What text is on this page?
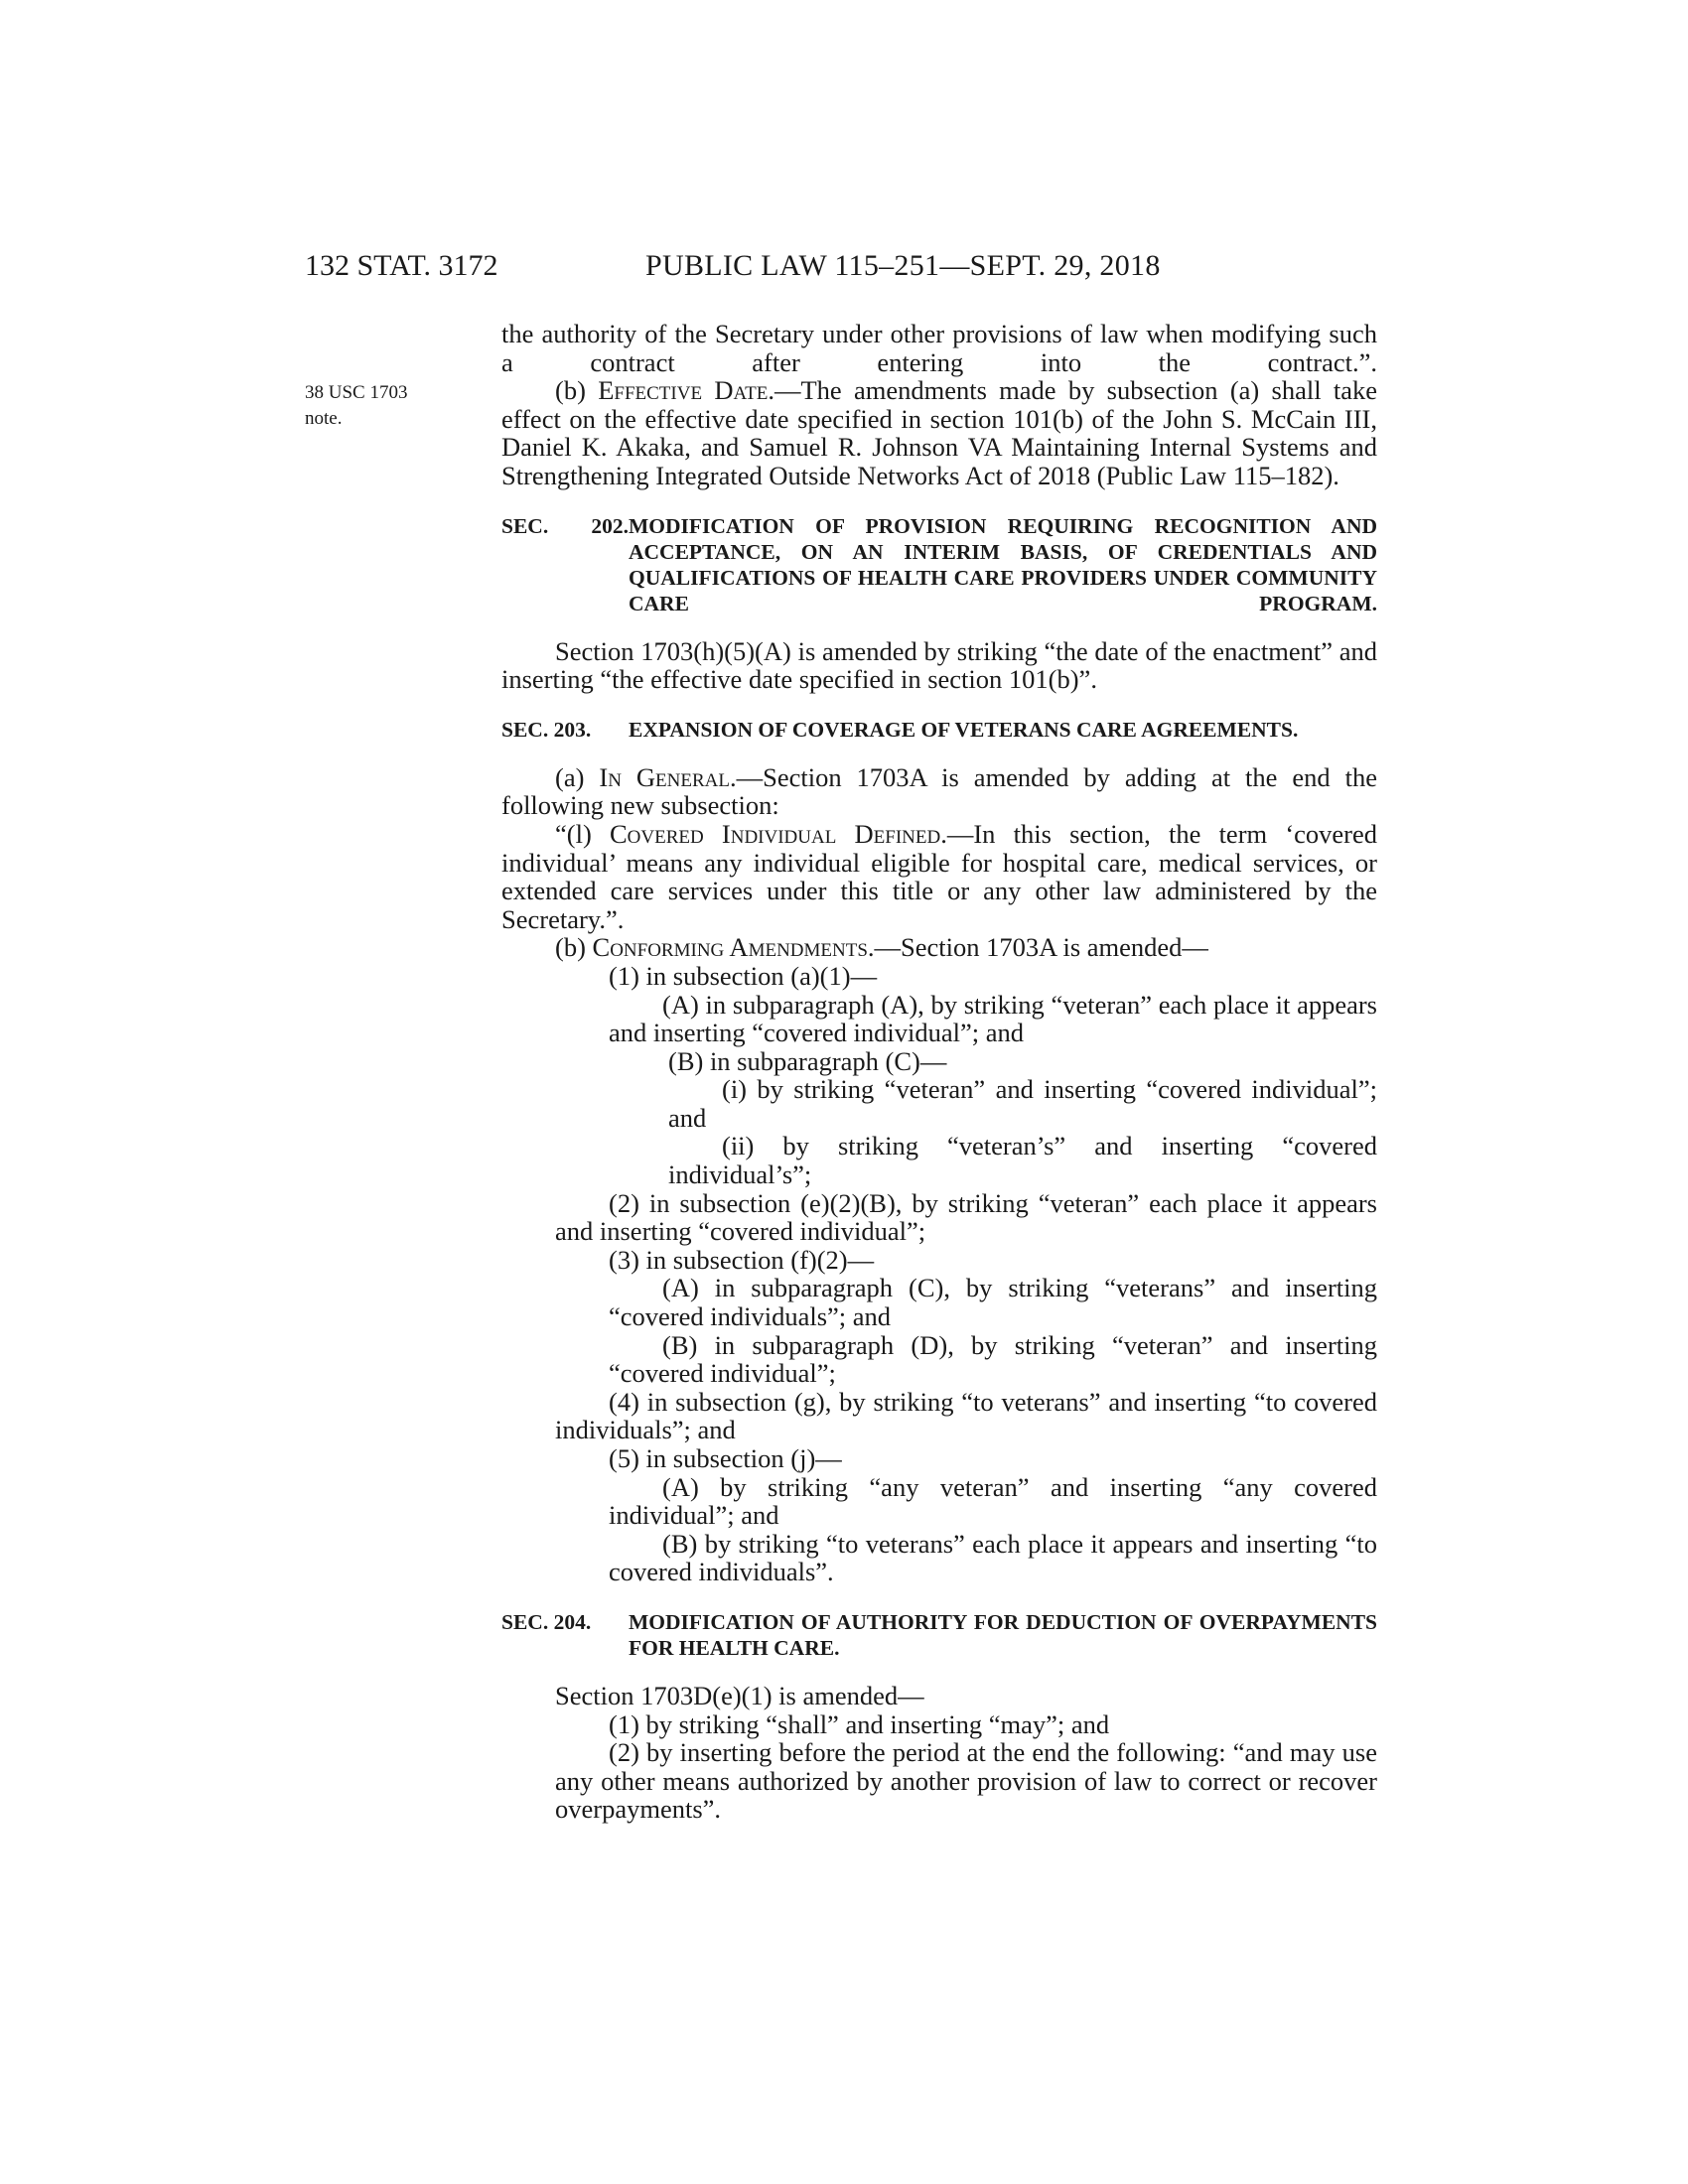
132 STAT. 3172	PUBLIC LAW 115–251—SEPT. 29, 2018
38 USC 1703
note.

the authority of the Secretary under other provisions of law when modifying such a contract after entering into the contract.”.

(b) Effective Date.—The amendments made by subsection (a) shall take effect on the effective date specified in section 101(b) of the John S. McCain III, Daniel K. Akaka, and Samuel R. Johnson VA Maintaining Internal Systems and Strengthening Integrated Outside Networks Act of 2018 (Public Law 115–182).

SEC. 202.MODIFICATION OF PROVISION REQUIRING RECOGNITION AND ACCEPTANCE, ON AN INTERIM BASIS, OF CREDENTIALS AND QUALIFICATIONS OF HEALTH CARE PROVIDERS UNDER COMMUNITY CARE PROGRAM.

Section 1703(h)(5)(A) is amended by striking “the date of the enactment” and inserting “the effective date specified in section 101(b)”.

SEC. 203. EXPANSION OF COVERAGE OF VETERANS CARE AGREEMENTS.

(a) In General.—Section 1703A is amended by adding at the end the following new subsection:

“(l) Covered Individual Defined.—In this section, the term ‘covered individual’ means any individual eligible for hospital care, medical services, or extended care services under this title or any other law administered by the Secretary.”.

(b) Conforming Amendments.—Section 1703A is amended—

(1) in subsection (a)(1)—

(A) in subparagraph (A), by striking “veteran” each place it appears and inserting “covered individual”; and

(B) in subparagraph (C)—

(i) by striking “veteran” and inserting “covered individual”; and

(ii) by striking “veteran’s” and inserting “covered individual’s”;

(2) in subsection (e)(2)(B), by striking “veteran” each place it appears and inserting “covered individual”;

(3) in subsection (f)(2)—

(A) in subparagraph (C), by striking “veterans” and inserting “covered individuals”; and

(B) in subparagraph (D), by striking “veteran” and inserting “covered individual”;

(4) in subsection (g), by striking “to veterans” and inserting “to covered individuals”; and

(5) in subsection (j)—

(A) by striking “any veteran” and inserting “any covered individual”; and

(B) by striking “to veterans” each place it appears and inserting “to covered individuals”.

SEC. 204. MODIFICATION OF AUTHORITY FOR DEDUCTION OF OVERPAYMENTS FOR HEALTH CARE.

Section 1703D(e)(1) is amended—

(1) by striking “shall” and inserting “may”; and

(2) by inserting before the period at the end the following: “and may use any other means authorized by another provision of law to correct or recover overpayments”.
